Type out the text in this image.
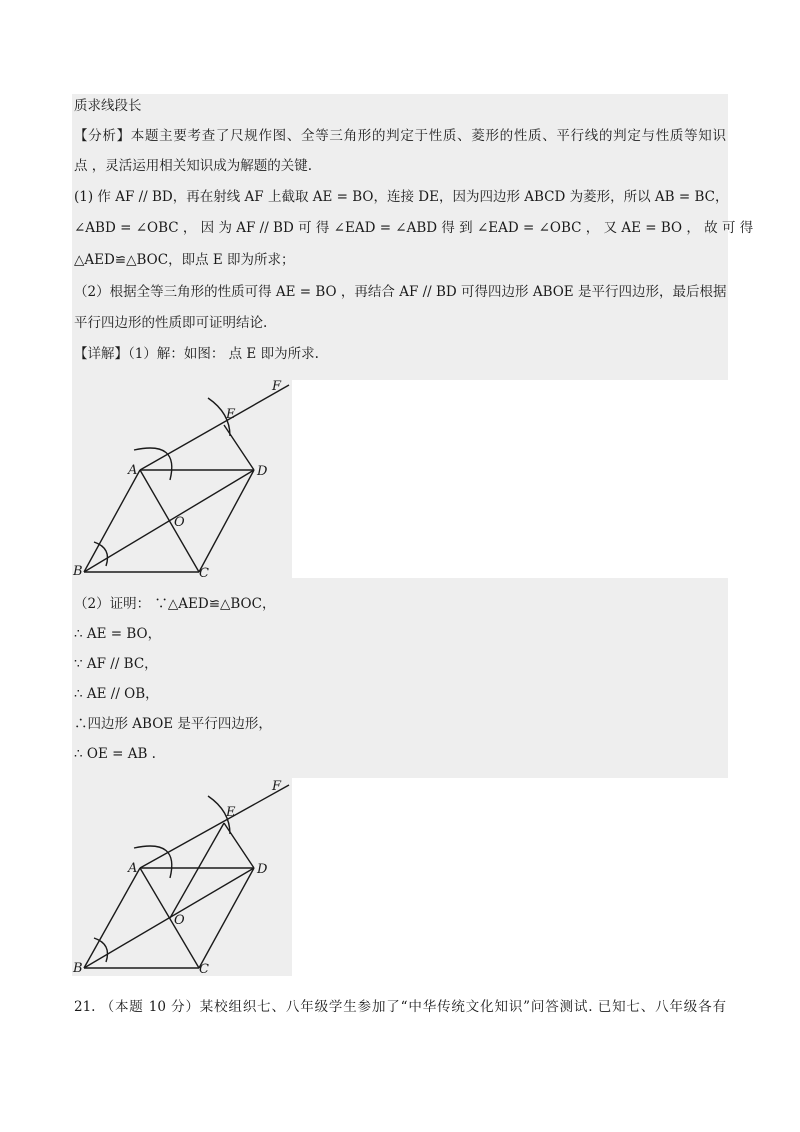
质求线段长
【分析】本题主要考查了尺规作图、全等三角形的判定于性质、菱形的性质、平行线的判定与性质等知识
点 ，灵活运用相关知识成为解题的关键.
(1) 作 AF // BD，再在射线 AF 上截取 AE = BO，连接 DE，因为四边形 ABCD 为菱形，所以 AB = BC，
∠ABD = ∠OBC ， 因 为 AF // BD 可 得 ∠EAD = ∠ABD 得 到 ∠EAD = ∠OBC ， 又 AE = BO ， 故 可 得
△AED≌△BOC，即点 E 即为所求；
（2）根据全等三角形的性质可得 AE = BO ，再结合 AF // BD 可得四边形 ABOE 是平行四边形，最后根据
平行四边形的性质即可证明结论.
【详解】（1）解：如图： 点 E 即为所求.
F
E
A	D
O
B	C
（2）证明： ∵△AED≌△BOC，
∴ AE = BO，
∵ AF // BC，
∴ AE // OB，
∴四边形 ABOE 是平行四边形，
∴ OE = AB .
F
E
A	D
O
B	C
21. （本题 10 分）某校组织七、八年级学生参加了“中华传统文化知识”问答测试. 已知七、八年级各有
